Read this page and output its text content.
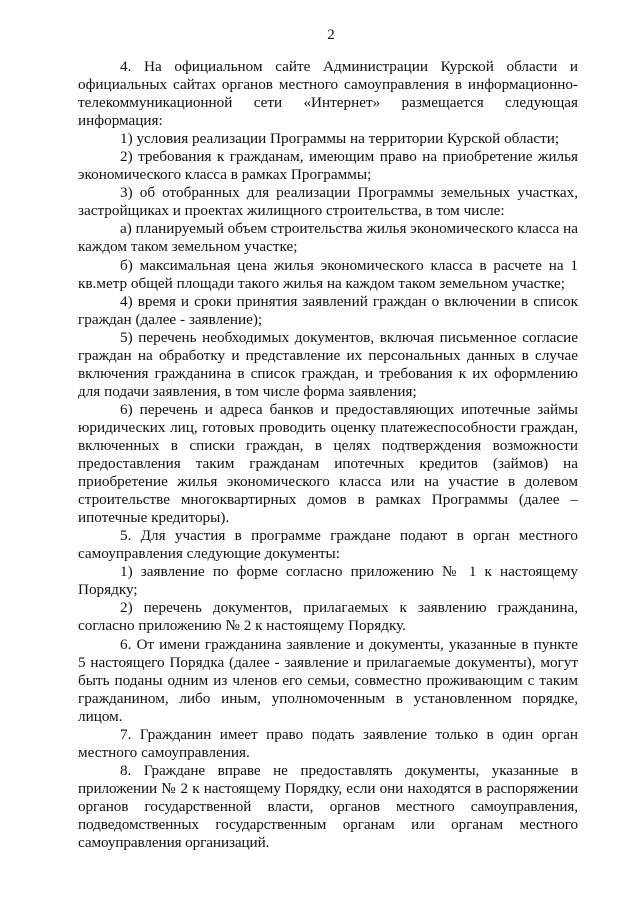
2

4. На официальном сайте Администрации Курской области и официальных сайтах органов местного самоуправления в информационно-телекоммуникационной сети «Интернет» размещается следующая информация:

1) условия реализации Программы на территории Курской области;

2) требования к гражданам, имеющим право на приобретение жилья экономического класса в рамках Программы;

3) об отобранных для реализации Программы земельных участках, застройщиках и проектах жилищного строительства, в том числе:

а) планируемый объем строительства жилья экономического класса на каждом таком земельном участке;

б) максимальная цена жилья экономического класса в расчете на 1 кв.метр общей площади такого жилья на каждом таком земельном участке;

4) время и сроки принятия заявлений граждан о включении в список граждан (далее - заявление);

5) перечень необходимых документов, включая письменное согласие граждан на обработку и представление их персональных данных в случае включения гражданина в список граждан, и требования к их оформлению для подачи заявления, в том числе форма заявления;

6) перечень и адреса банков и предоставляющих ипотечные займы юридических лиц, готовых проводить оценку платежеспособности граждан, включенных в списки граждан, в целях подтверждения возможности предоставления таким гражданам ипотечных кредитов (займов) на приобретение жилья экономического класса или на участие в долевом строительстве многоквартирных домов в рамках Программы (далее – ипотечные кредиторы).

5. Для участия в программе граждане подают в орган местного самоуправления следующие документы:

1) заявление по форме согласно приложению № 1 к настоящему Порядку;

2) перечень документов, прилагаемых к заявлению гражданина, согласно приложению № 2 к настоящему Порядку.

6. От имени гражданина заявление и документы, указанные в пункте 5 настоящего Порядка (далее - заявление и прилагаемые документы), могут быть поданы одним из членов его семьи, совместно проживающим с таким гражданином, либо иным, уполномоченным в установленном порядке, лицом.

7. Гражданин имеет право подать заявление только в один орган местного самоуправления.

8. Граждане вправе не предоставлять документы, указанные в приложении № 2 к настоящему Порядку, если они находятся в распоряжении органов государственной власти, органов местного самоуправления, подведомственных государственным органам или органам местного самоуправления организаций.
